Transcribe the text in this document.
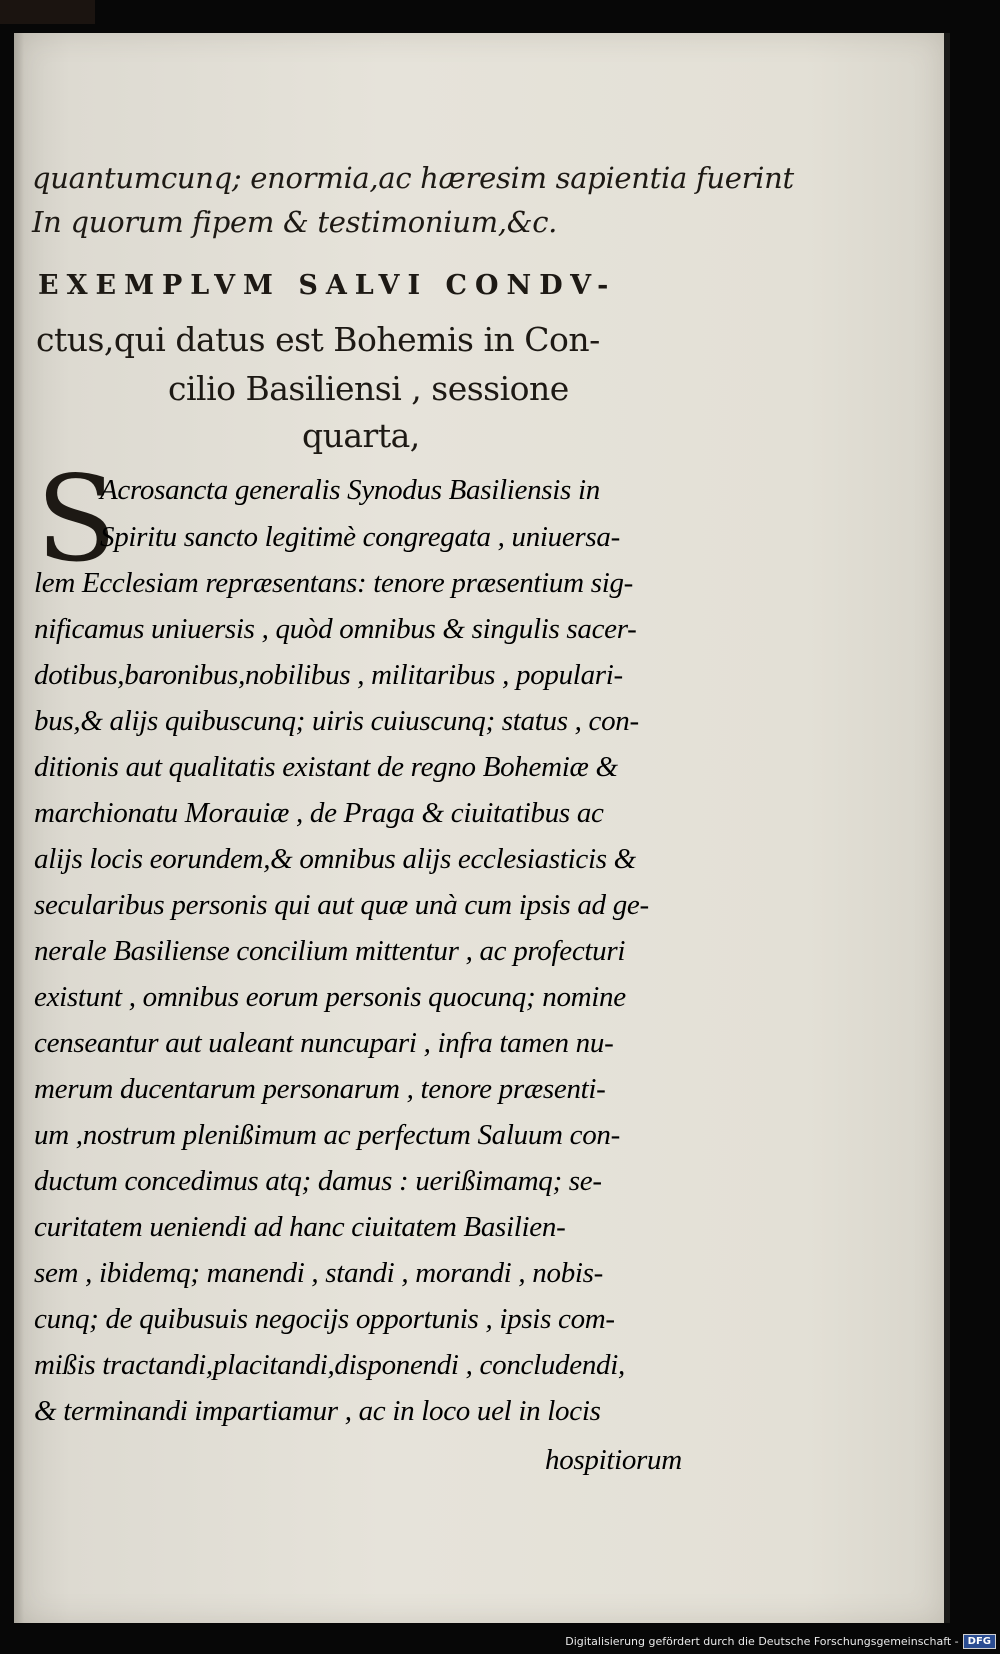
quantumcunq; enormia,ac hæresim sapientia fuerint
In quorum fipem & testimonium,&c.
EXEMPLVM SALVI CONDV-
ctus,qui datus est Bohemis in Con-
cilio Basiliensi , sessione
quarta,
S
Acrosancta generalis Synodus Basiliensis in
Spiritu sancto legitimè congregata , uniuersa-
lem Ecclesiam repræsentans: tenore præsentium sig-
nificamus uniuersis , quòd omnibus & singulis sacer-
dotibus,baronibus,nobilibus , militaribus , populari-
bus,& alijs quibuscunq; uiris cuiuscunq; status , con-
ditionis aut qualitatis existant de regno Bohemiæ &
marchionatu Morauiæ , de Praga & ciuitatibus ac
alijs locis eorundem,& omnibus alijs ecclesiasticis &
secularibus personis qui aut quæ unà cum ipsis ad ge-
nerale Basiliense concilium mittentur , ac profecturi
existunt , omnibus eorum personis quocunq; nomine
censeantur aut ualeant nuncupari , infra tamen nu-
merum ducentarum personarum , tenore præsenti-
um ,nostrum plenißimum ac perfectum Saluum con-
ductum concedimus atq; damus : uerißimamq; se-
curitatem ueniendi ad hanc ciuitatem Basilien-
sem , ibidemq; manendi , standi , morandi , nobis-
cunq; de quibusuis negocijs opportunis , ipsis com-
mißis tractandi,placitandi,disponendi , concludendi,
& terminandi impartiamur , ac in loco uel in locis
hospitiorum
Digitalisierung gefördert durch die Deutsche Forschungsgemeinschaft - DFG
